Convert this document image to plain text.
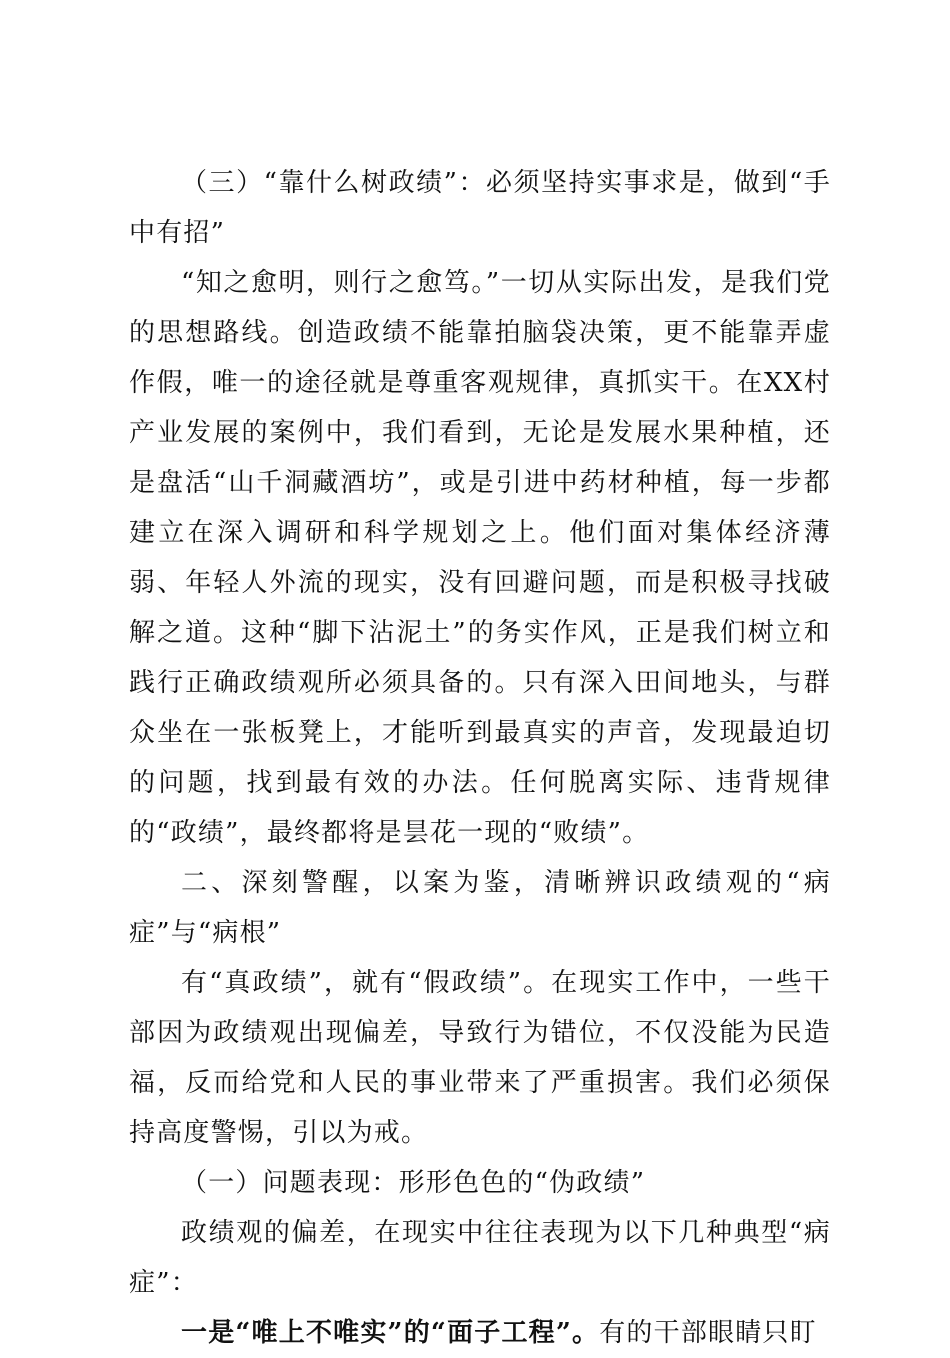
（三）“靠什么树政绩”：必须坚持实事求是，做到“手中有招”

“知之愈明，则行之愈笃。”一切从实际出发，是我们党的思想路线。创造政绩不能靠拍脑袋决策，更不能靠弄虚作假，唯一的途径就是尊重客观规律，真抓实干。在XX村产业发展的案例中，我们看到，无论是发展水果种植，还是盘活“山千洞藏酒坊”，或是引进中药材种植，每一步都建立在深入调研和科学规划之上。他们面对集体经济薄弱、年轻人外流的现实，没有回避问题，而是积极寻找破解之道。这种“脚下沾泥土”的务实作风，正是我们树立和践行正确政绩观所必须具备的。只有深入田间地头，与群众坐在一张板凳上，才能听到最真实的声音，发现最迫切的问题，找到最有效的办法。任何脱离实际、违背规律的“政绩”，最终都将是昙花一现的“败绩”。

二、深刻警醒，以案为鉴，清晰辨识政绩观的“病症”与“病根”

有“真政绩”，就有“假政绩”。在现实工作中，一些干部因为政绩观出现偏差，导致行为错位，不仅没能为民造福，反而给党和人民的事业带来了严重损害。我们必须保持高度警惕，引以为戒。

（一）问题表现：形形色色的“伪政绩”

政绩观的偏差，在现实中往往表现为以下几种典型“病症”：

一是“唯上不唯实”的“面子工程”。有的干部眼睛只盯
